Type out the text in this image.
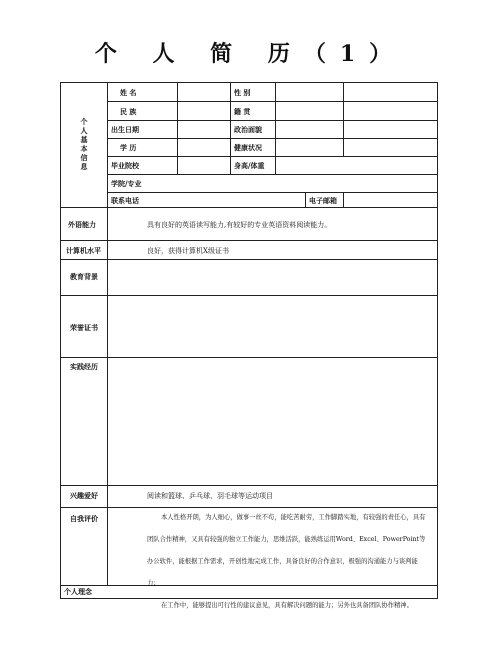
个 人 简 历（1）
个人基本信息
姓 名	性 别
民 族	籍 贯
出生日期	政治面貌
学 历	健康状况
毕业院校	身高/体重
学院/专业
联系电话	电子邮箱
外语能力	具有良好的英语读写能力,有较好的专业英语资料阅读能力。
计算机水平	良好，获得计算机X级证书
教育背景
荣誉证书
实践经历
兴趣爱好	阅读和篮球、乒乓球、羽毛球等运动项目
自我评价	本人性格开朗，为人细心，做事一丝不苟，能吃苦耐劳，工作脚踏实地，有较强的责任心，具有团队合作精神，又具有较强的独立工作能力，思维活跃，能熟练运用Word、Excel、PowerPoint等办公软件，能根据工作需求，开创性地完成工作，具备良好的合作意识，极强的沟通能力与谈判能力；

在工作中，能够提出可行性的建议意见，具有解决问题的能力；另外也具备团队协作精神。

个人理念
